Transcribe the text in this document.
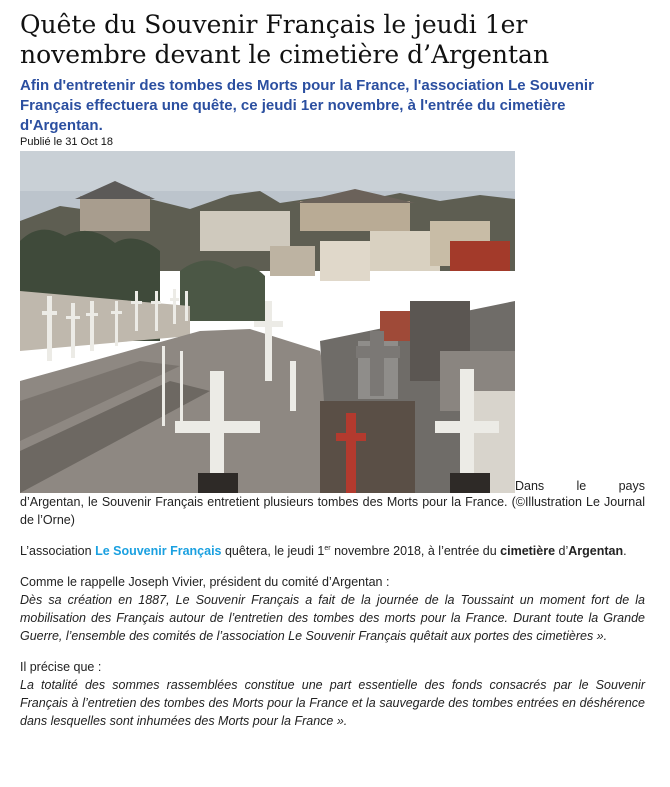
Quête du Souvenir Français le jeudi 1er novembre devant le cimetière d’Argentan

Afin d'entretenir des tombes des Morts pour la France, l'association Le Souvenir Français effectuera une quête, ce jeudi 1er novembre, à l'entrée du cimetière d'Argentan.

Publié le 31 Oct 18

Dans le pays

d’Argentan, le Souvenir Français entretient plusieurs tombes des Morts pour la France. (©Illustration Le Journal de l’Orne)

L’association Le Souvenir Français quêtera, le jeudi 1er novembre 2018, à l’entrée du cimetière d’Argentan.

Comme le rappelle Joseph Vivier, président du comité d’Argentan :

Dès sa création en 1887, Le Souvenir Français a fait de la journée de la Toussaint un moment fort de la mobilisation des Français autour de l’entretien des tombes des morts pour la France. Durant toute la Grande Guerre, l’ensemble des comités de l’association Le Souvenir Français quêtait aux portes des cimetières ».

Il précise que :

La totalité des sommes rassemblées constitue une part essentielle des fonds consacrés par le Souvenir Français à l’entretien des tombes des Morts pour la France et la sauvegarde des tombes entrées en déshérence dans lesquelles sont inhumées des Morts pour la France ».
